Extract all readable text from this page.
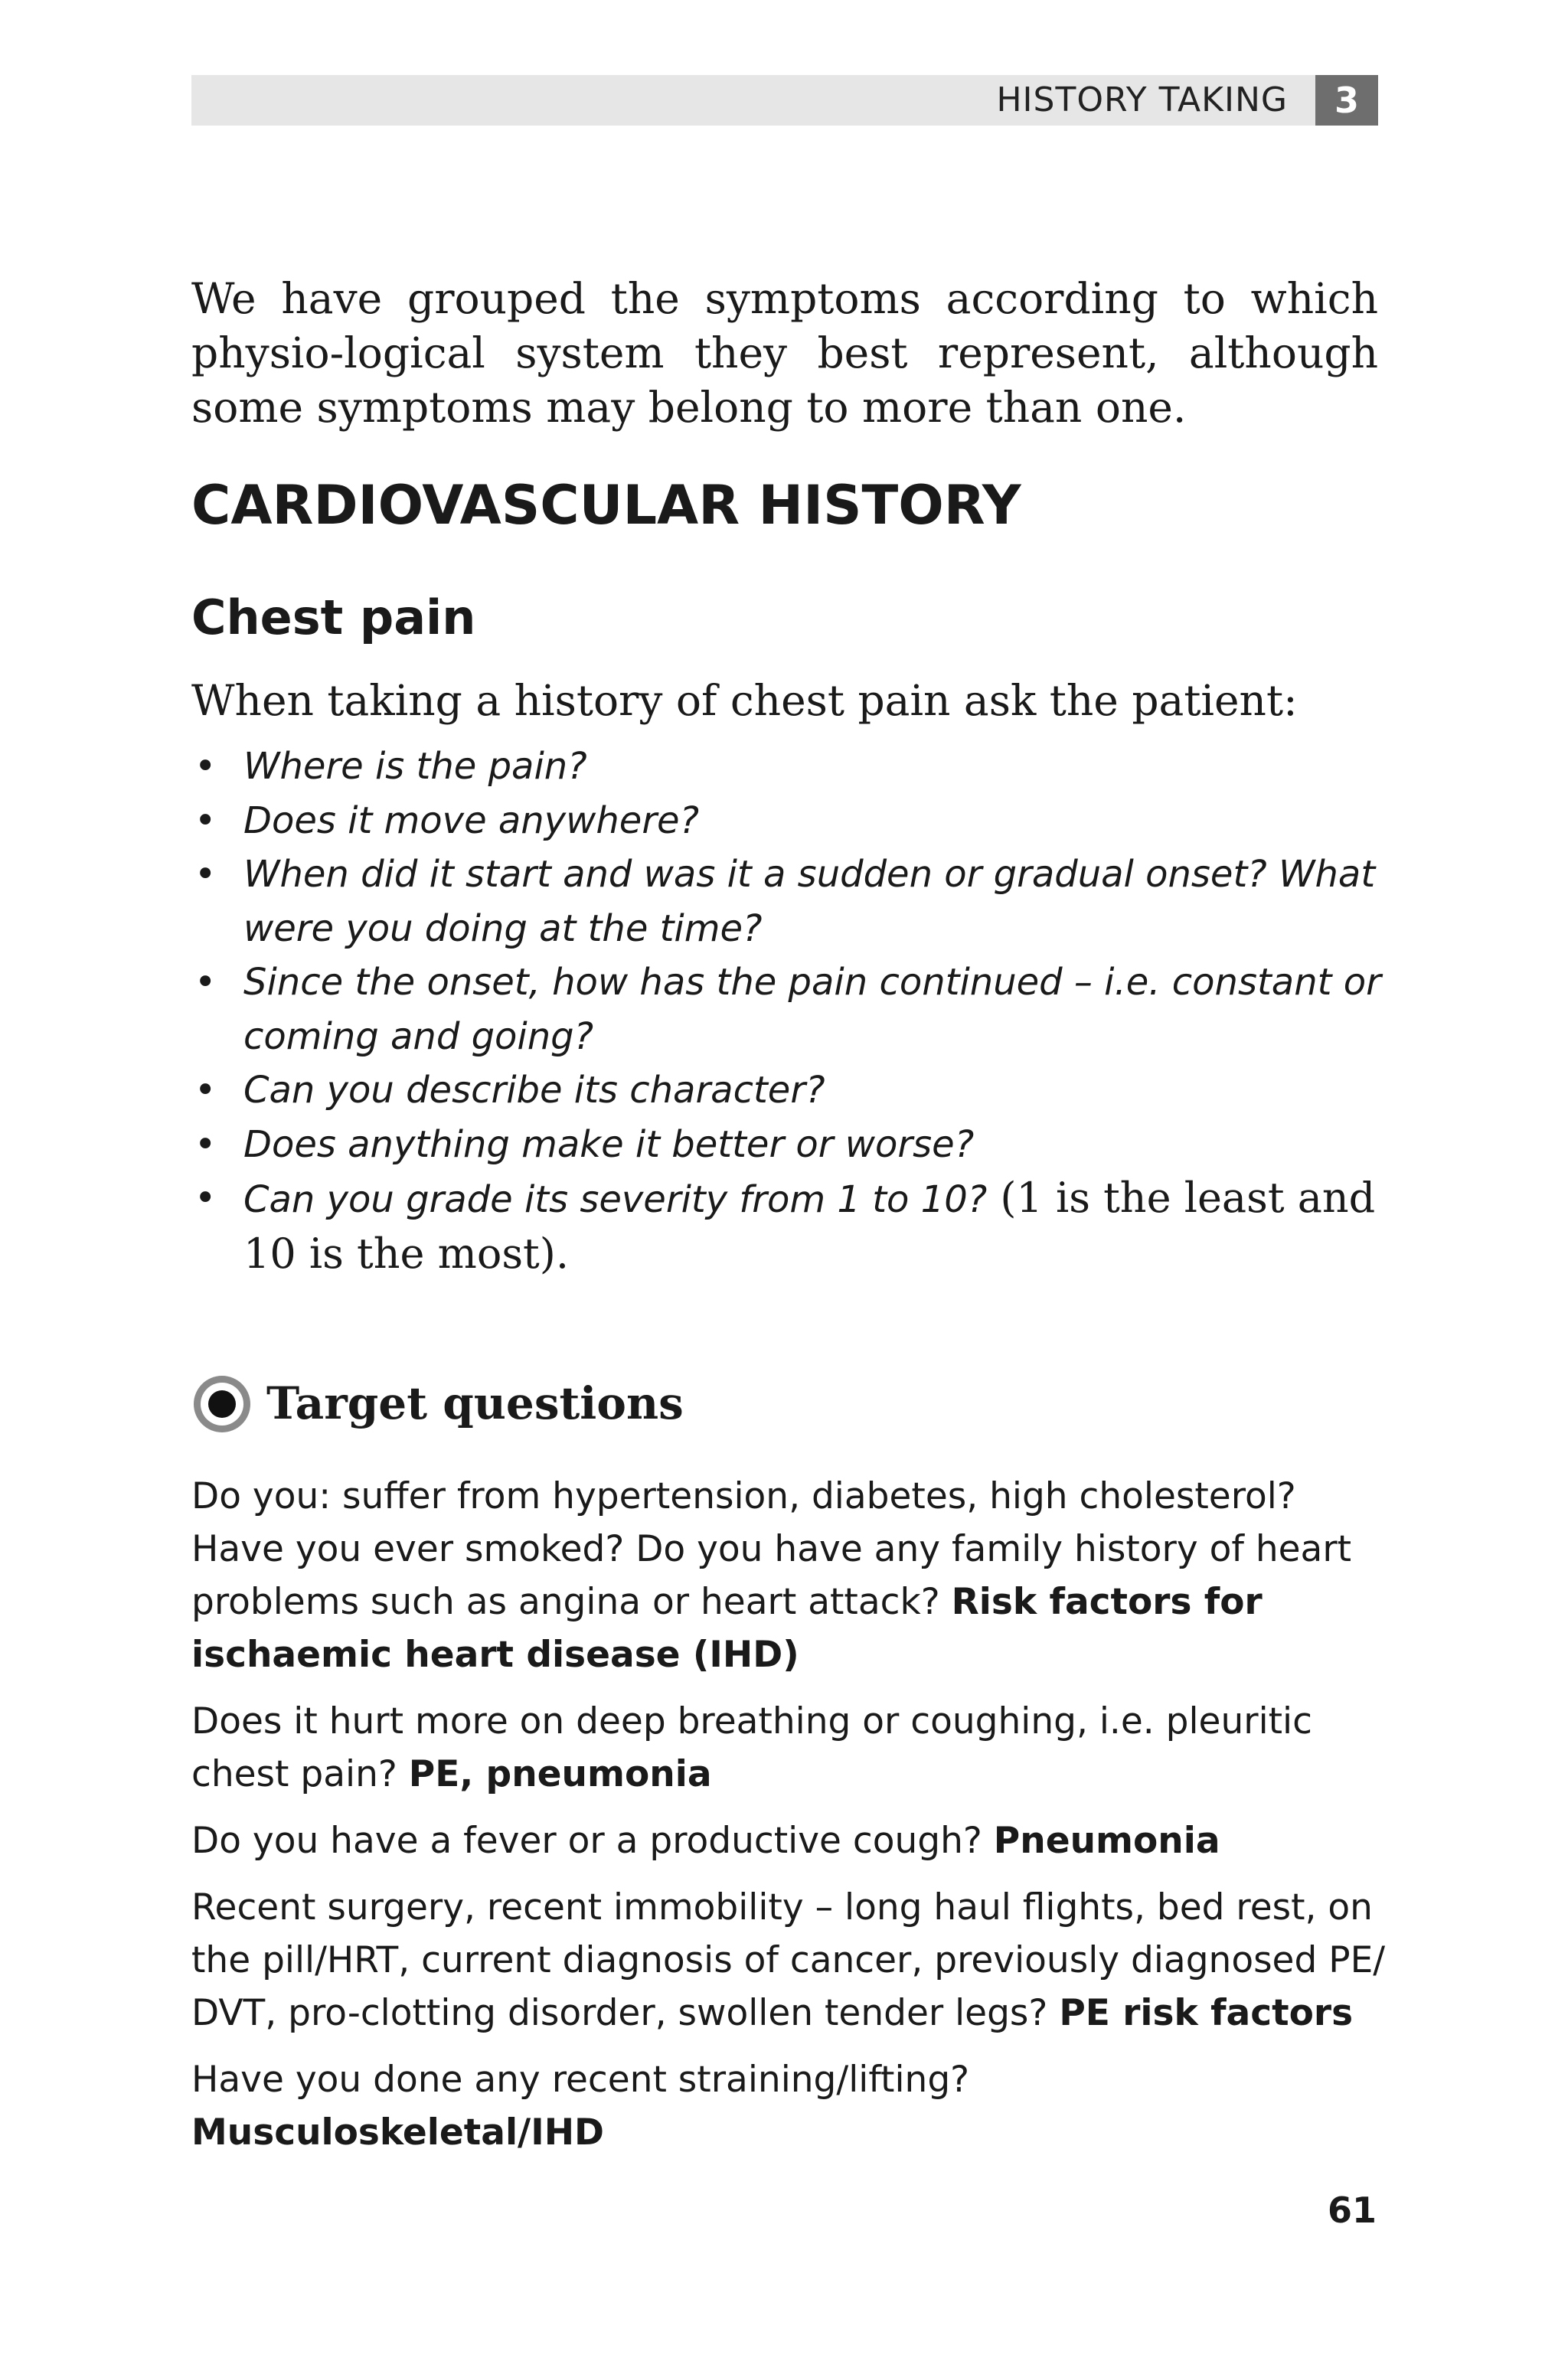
HISTORY TAKING	3

We have grouped the symptoms according to which physio-logical system they best represent, although some symptoms may belong to more than one.

CARDIOVASCULAR HISTORY
Chest pain

When taking a history of chest pain ask the patient:

• Where is the pain?
• Does it move anywhere?
• When did it start and was it a sudden or gradual onset? What were you doing at the time?
• Since the onset, how has the pain continued – i.e. constant or coming and going?
• Can you describe its character?
• Does anything make it better or worse?
• Can you grade its severity from 1 to 10? (1 is the least and 10 is the most).
Target questions

Do you: suffer from hypertension, diabetes, high cholesterol? Have you ever smoked? Do you have any family history of heart problems such as angina or heart attack? Risk factors for ischaemic heart disease (IHD)

Does it hurt more on deep breathing or coughing, i.e. pleuritic chest pain? PE, pneumonia

Do you have a fever or a productive cough? Pneumonia

Recent surgery, recent immobility – long haul flights, bed rest, on the pill/HRT, current diagnosis of cancer, previously diagnosed PE/ DVT, pro-clotting disorder, swollen tender legs? PE risk factors

Have you done any recent straining/lifting? Musculoskeletal/IHD

61
